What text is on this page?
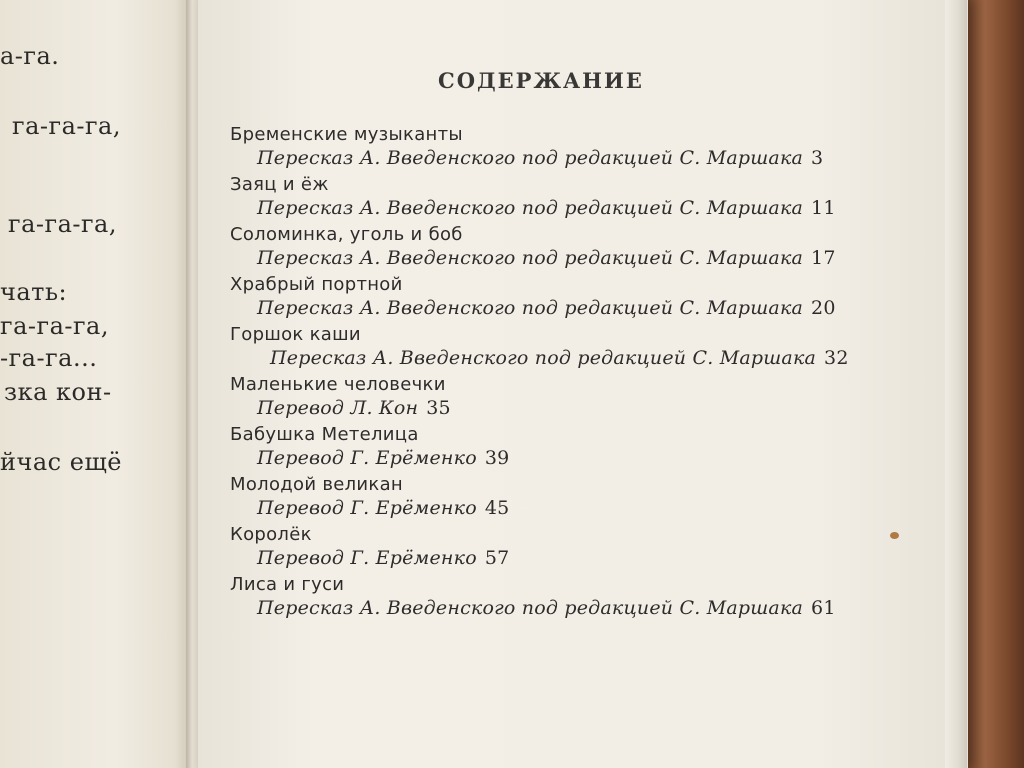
а-га.
га-га-га,
га-га-га,
чать:
га-га-га,
-га-га...
зка кон-
йчас ещё
СОДЕРЖАНИЕ
Бременские музыканты
Пересказ А. Введенского под редакцией С. Маршака 3
Заяц и ёж
Пересказ А. Введенского под редакцией С. Маршака 11
Соломинка, уголь и боб
Пересказ А. Введенского под редакцией С. Маршака 17
Храбрый портной
Пересказ А. Введенского под редакцией С. Маршака 20
Горшок каши
Пересказ А. Введенского под редакцией С. Маршака 32
Маленькие человечки
Перевод Л. Кон 35
Бабушка Метелица
Перевод Г. Ерёменко 39
Молодой великан
Перевод Г. Ерёменко 45
Королёк
Перевод Г. Ерёменко 57
Лиса и гуси
Пересказ А. Введенского под редакцией С. Маршака 61
